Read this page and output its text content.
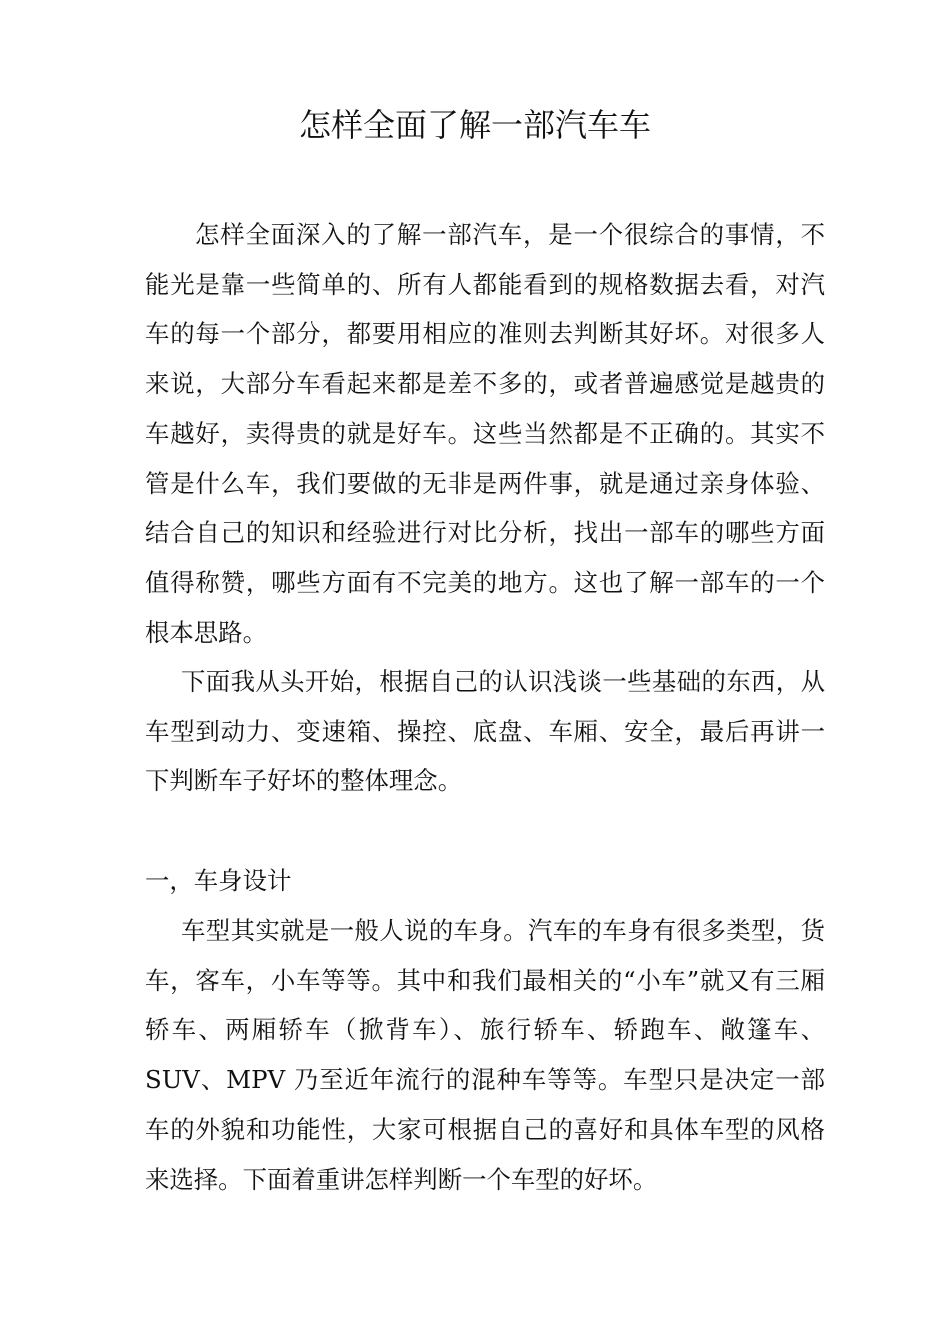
怎样全面了解一部汽车车

怎样全面深入的了解一部汽车，是一个很综合的事情，不能光是靠一些简单的、所有人都能看到的规格数据去看，对汽车的每一个部分，都要用相应的准则去判断其好坏。对很多人来说，大部分车看起来都是差不多的，或者普遍感觉是越贵的车越好，卖得贵的就是好车。这些当然都是不正确的。其实不管是什么车，我们要做的无非是两件事，就是通过亲身体验、结合自己的知识和经验进行对比分析，找出一部车的哪些方面值得称赞，哪些方面有不完美的地方。这也了解一部车的一个根本思路。

下面我从头开始，根据自己的认识浅谈一些基础的东西，从车型到动力、变速箱、操控、底盘、车厢、安全，最后再讲一下判断车子好坏的整体理念。

一，车身设计

车型其实就是一般人说的车身。汽车的车身有很多类型，货车，客车，小车等等。其中和我们最相关的“小车”就又有三厢轿车、两厢轿车（掀背车）、旅行轿车、轿跑车、敞篷车、SUV、MPV 乃至近年流行的混种车等等。车型只是决定一部车的外貌和功能性，大家可根据自己的喜好和具体车型的风格来选择。下面着重讲怎样判断一个车型的好坏。
